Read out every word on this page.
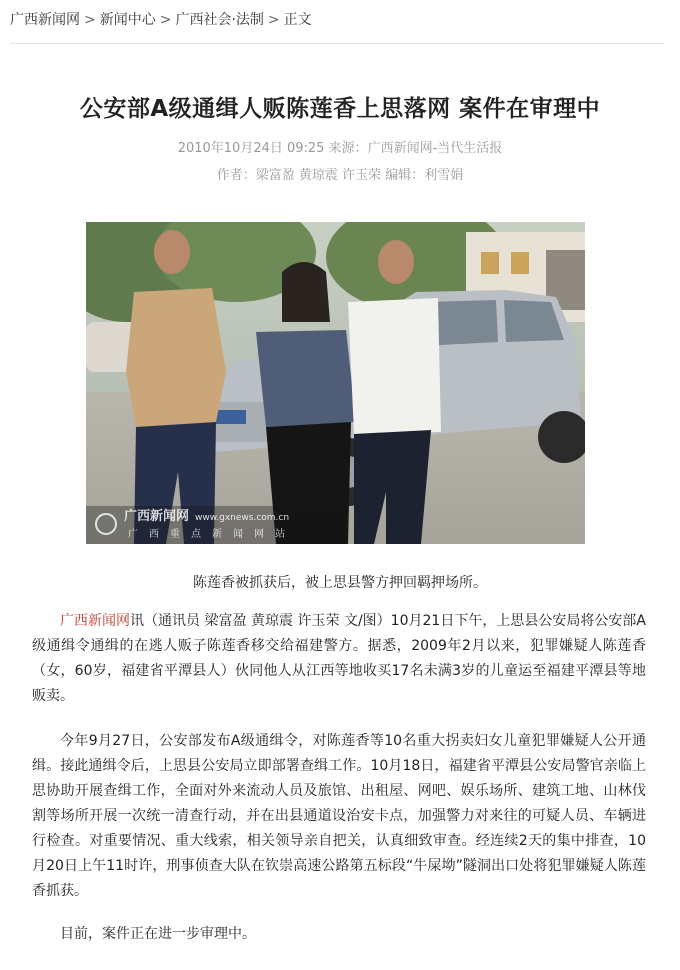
广西新闻网 > 新闻中心 > 广西社会·法制 > 正文
公安部A级通缉人贩陈莲香上思落网 案件在审理中
2010年10月24日 09:25 来源：广西新闻网-当代生活报
作者：梁富盈 黄琼震 许玉荣 编辑：利雪娟
广西新闻网 www.gxnews.com.cn
广西重点新闻网站
陈莲香被抓获后，被上思县警方押回羁押场所。

广西新闻网讯（通讯员 梁富盈 黄琼震 许玉荣 文/图）10月21日下午，上思县公安局将公安部A级通缉令通缉的在逃人贩子陈莲香移交给福建警方。据悉，2009年2月以来，犯罪嫌疑人陈莲香（女，60岁，福建省平潭县人）伙同他人从江西等地收买17名未满3岁的儿童运至福建平潭县等地贩卖。

今年9月27日，公安部发布A级通缉令，对陈莲香等10名重大拐卖妇女儿童犯罪嫌疑人公开通缉。接此通缉令后，上思县公安局立即部署查缉工作。10月18日，福建省平潭县公安局警官亲临上思协助开展查缉工作，全面对外来流动人员及旅馆、出租屋、网吧、娱乐场所、建筑工地、山林伐割等场所开展一次统一清查行动，并在出县通道设治安卡点，加强警力对来往的可疑人员、车辆进行检查。对重要情况、重大线索，相关领导亲自把关，认真细致审查。经连续2天的集中排查，10月20日上午11时许，刑事侦查大队在钦崇高速公路第五标段“牛屎坳”隧洞出口处将犯罪嫌疑人陈莲香抓获。

目前，案件正在进一步审理中。
